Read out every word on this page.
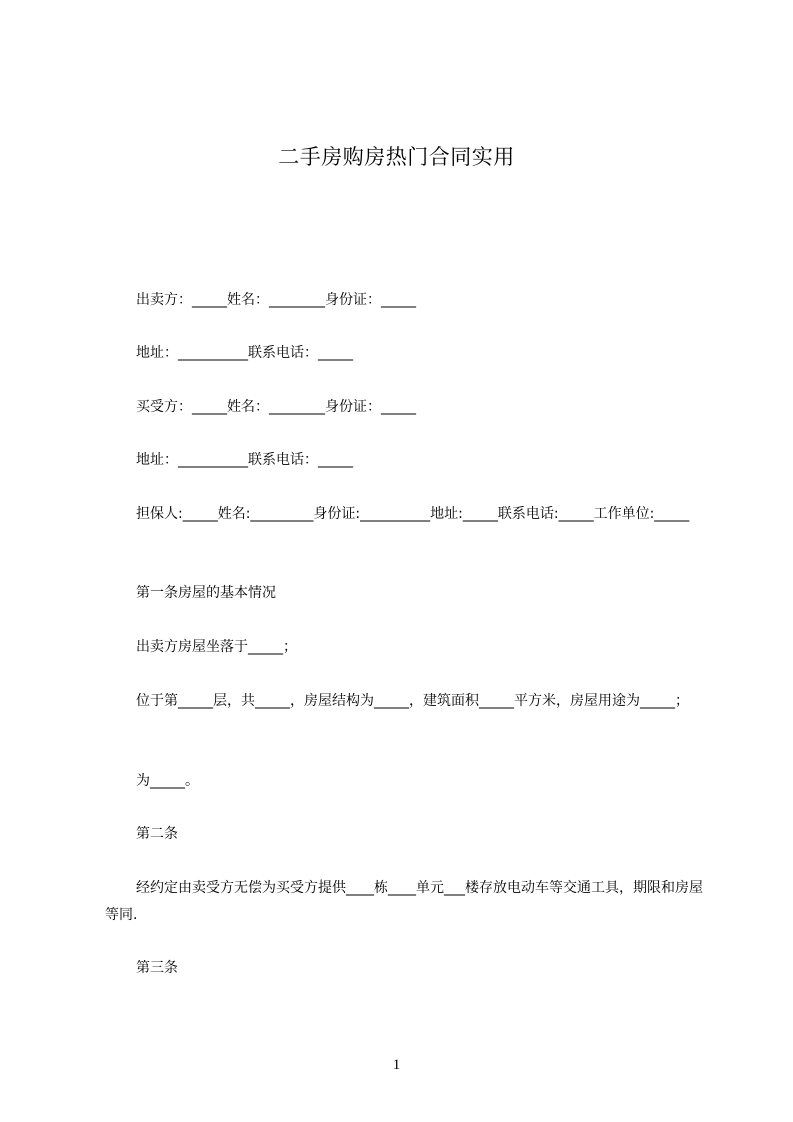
二手房购房热门合同实用

出卖方：_____姓名：________身份证：_____

地址：__________联系电话：_____

买受方：_____姓名：________身份证：_____

地址：__________联系电话：_____

担保人:_____姓名:_________身份证:__________地址:_____联系电话:_____工作单位:_____

第一条房屋的基本情况

出卖方房屋坐落于_____；

位于第_____层，共_____，房屋结构为_____，建筑面积_____平方米，房屋用途为_____；

为_____。

第二条

经约定由卖受方无偿为买受方提供____栋____单元___楼存放电动车等交通工具，期限和房屋等同.

第三条

1
